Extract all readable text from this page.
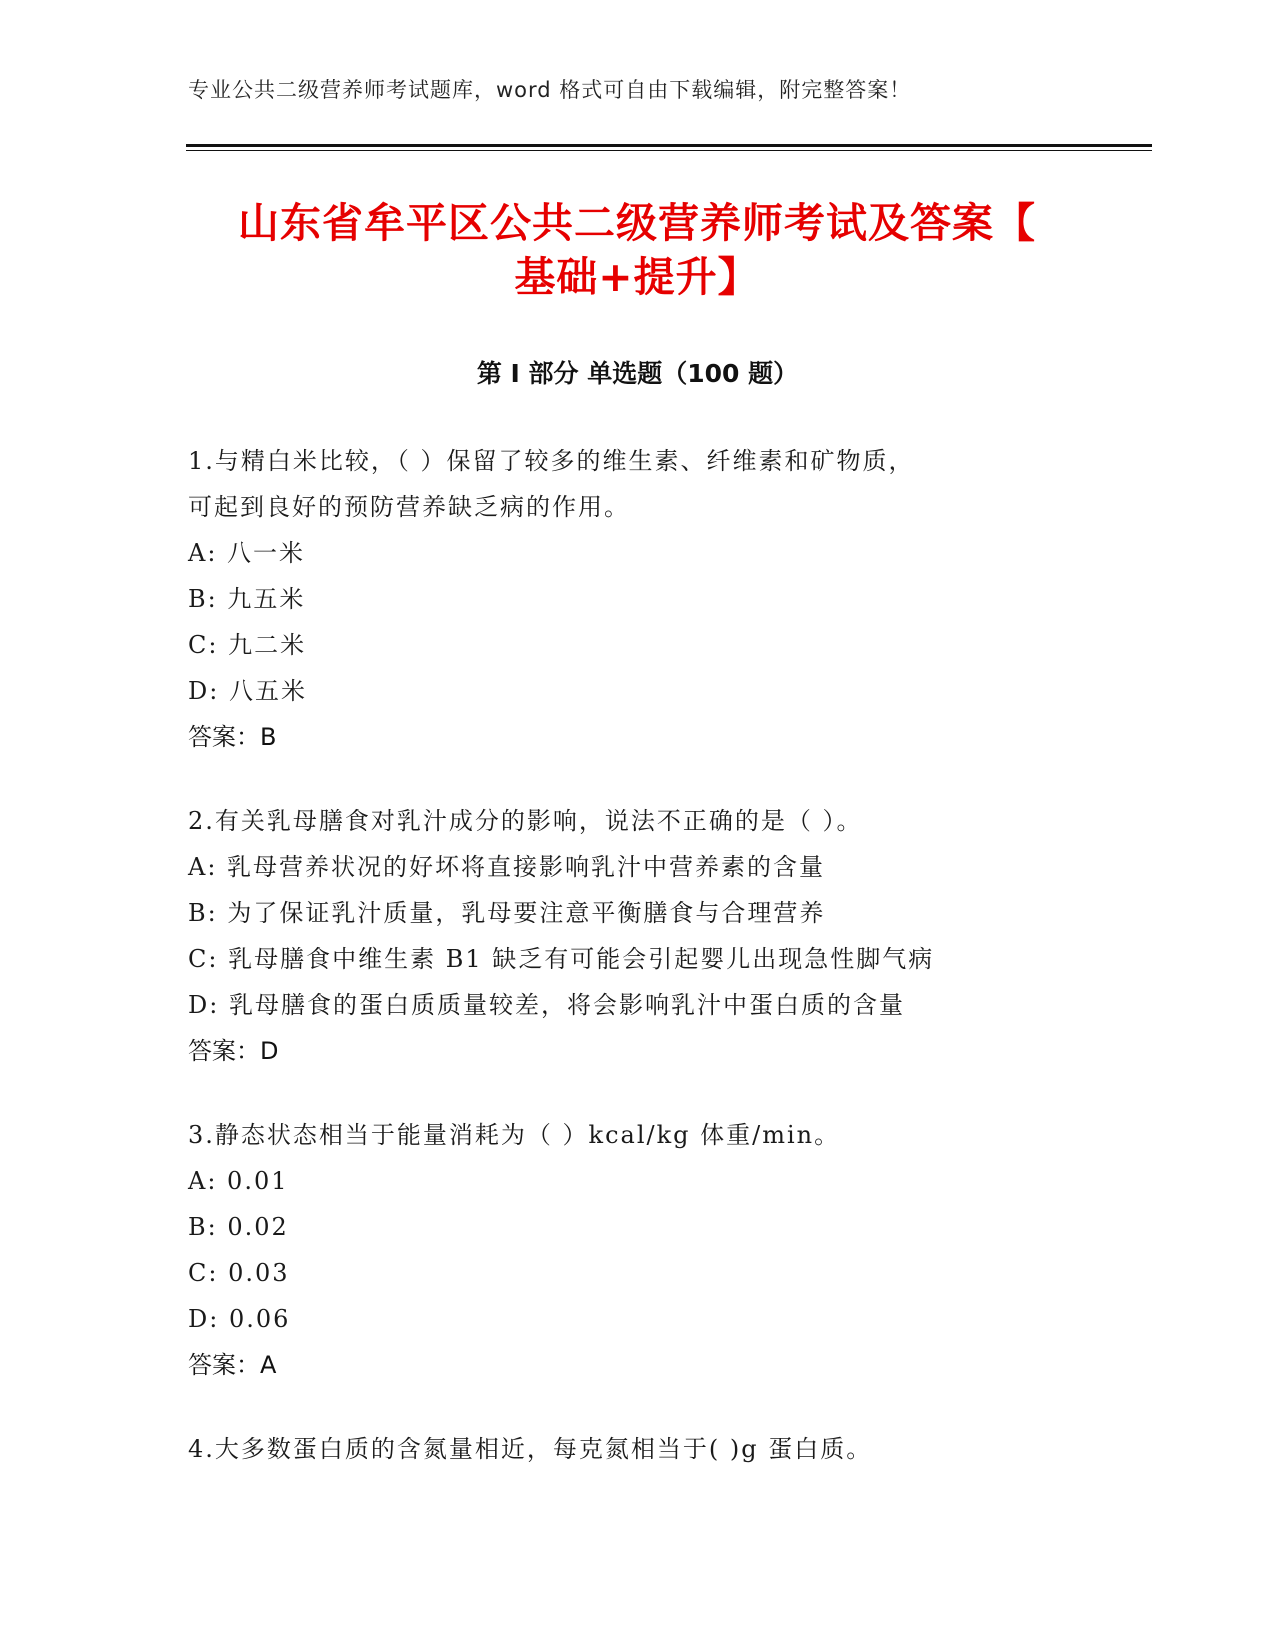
专业公共二级营养师考试题库，word 格式可自由下载编辑，附完整答案！
山东省牟平区公共二级营养师考试及答案【
基础+提升】
第 I 部分 单选题（100 题）
1.与精白米比较，（ ）保留了较多的维生素、纤维素和矿物质，
可起到良好的预防营养缺乏病的作用。
A: 八一米
B: 九五米
C: 九二米
D: 八五米
答案：B
2.有关乳母膳食对乳汁成分的影响，说法不正确的是（ ）。
A: 乳母营养状况的好坏将直接影响乳汁中营养素的含量
B: 为了保证乳汁质量，乳母要注意平衡膳食与合理营养
C: 乳母膳食中维生素 B1 缺乏有可能会引起婴儿出现急性脚气病
D: 乳母膳食的蛋白质质量较差，将会影响乳汁中蛋白质的含量
答案：D
3.静态状态相当于能量消耗为（ ）kcal/kg 体重/min。
A: 0.01
B: 0.02
C: 0.03
D: 0.06
答案：A
4.大多数蛋白质的含氮量相近，每克氮相当于( )g 蛋白质。
